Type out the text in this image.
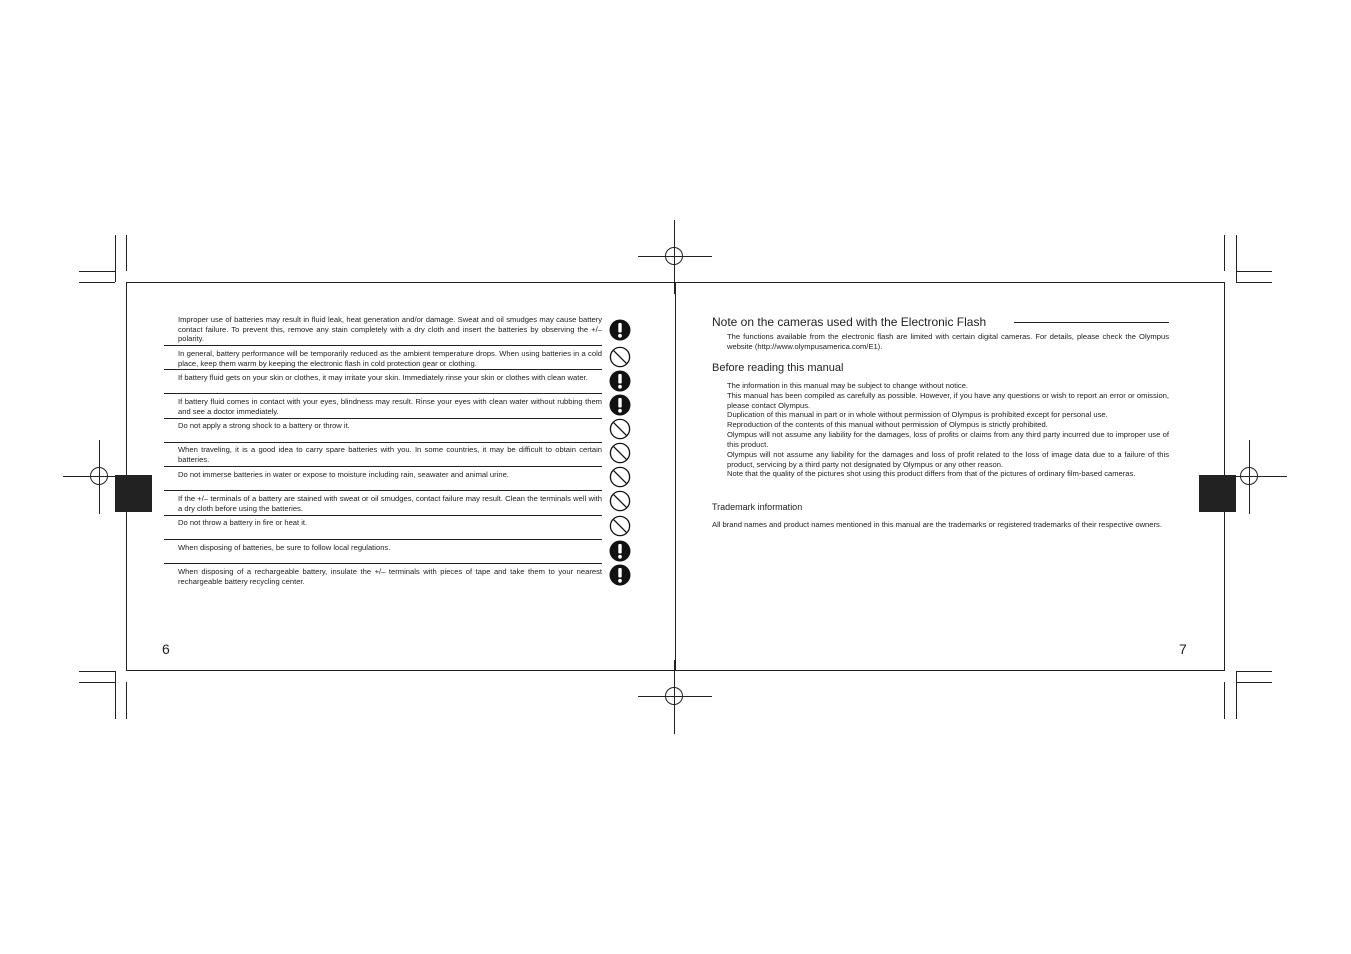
Improper use of batteries may result in fluid leak, heat generation and/or damage. Sweat and oil smudges may cause battery contact failure. To prevent this, remove any stain completely with a dry cloth and insert the batteries by observing the +/– polarity.
In general, battery performance will be temporarily reduced as the ambient temperature drops. When using batteries in a cold place, keep them warm by keeping the electronic flash in cold protection gear or clothing.
If battery fluid gets on your skin or clothes, it may irritate your skin. Immediately rinse your skin or clothes with clean water.
If battery fluid comes in contact with your eyes, blindness may result. Rinse your eyes with clean water without rubbing them and see a doctor immediately.
Do not apply a strong shock to a battery or throw it.
When traveling, it is a good idea to carry spare batteries with you. In some countries, it may be difficult to obtain certain batteries.
Do not immerse batteries in water or expose to moisture including rain, seawater and animal urine.
If the +/– terminals of a battery are stained with sweat or oil smudges, contact failure may result. Clean the terminals well with a dry cloth before using the batteries.
Do not throw a battery in fire or heat it.
When disposing of batteries, be sure to follow local regulations.
When disposing of a rechargeable battery, insulate the +/– terminals with pieces of tape and take them to your nearest rechargeable battery recycling center.
6
Note on the cameras used with the Electronic Flash
The functions available from the electronic flash are limited with certain digital cameras. For details, please check the Olympus website (http://www.olympusamerica.com/E1).
Before reading this manual
The information in this manual may be subject to change without notice.
This manual has been compiled as carefully as possible. However, if you have any questions or wish to report an error or omission, please contact Olympus.
Duplication of this manual in part or in whole without permission of Olympus is prohibited except for personal use.
Reproduction of the contents of this manual without permission of Olympus is strictly prohibited.
Olympus will not assume any liability for the damages, loss of profits or claims from any third party incurred due to improper use of this product.
Olympus will not assume any liability for the damages and loss of profit related to the loss of image data due to a failure of this product, servicing by a third party not designated by Olympus or any other reason.
Note that the quality of the pictures shot using this product differs from that of the pictures of ordinary film-based cameras.
Trademark information
All brand names and product names mentioned in this manual are the trademarks or registered trademarks of their respective owners.
7
